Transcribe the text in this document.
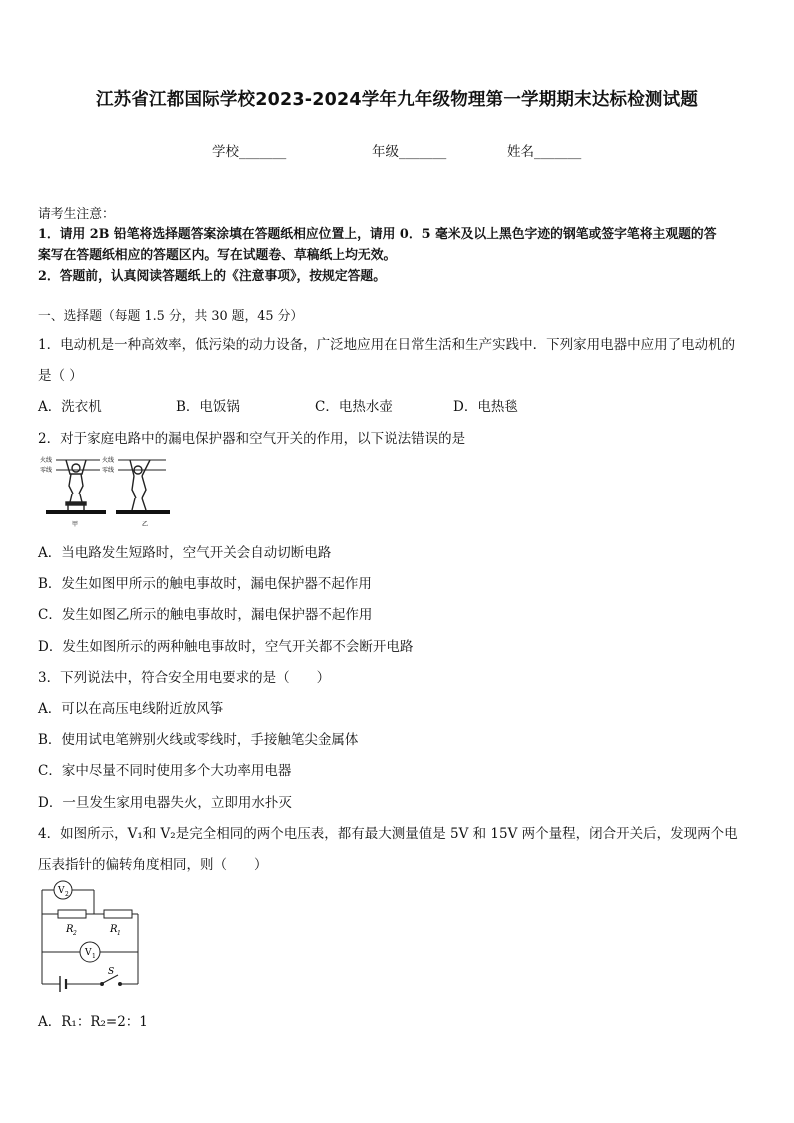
江苏省江都国际学校2023-2024学年九年级物理第一学期期末达标检测试题
学校_______	年级_______	姓名_______
请考生注意：
1．请用 2B 铅笔将选择题答案涂填在答题纸相应位置上，请用 0．5 毫米及以上黑色字迹的钢笔或签字笔将主观题的答
案写在答题纸相应的答题区内。写在试题卷、草稿纸上均无效。
2．答题前，认真阅读答题纸上的《注意事项》，按规定答题。
一、选择题（每题 1.5 分，共 30 题，45 分）
1．电动机是一种高效率，低污染的动力设备，广泛地应用在日常生活和生产实践中．下列家用电器中应用了电动机的
是（ ）
A．洗衣机	B．电饭锅	C．电热水壶	D．电热毯
2．对于家庭电路中的漏电保护器和空气开关的作用，以下说法错误的是
火线
零线
火线
零线
甲	乙
A．当电路发生短路时，空气开关会自动切断电路
B．发生如图甲所示的触电事故时，漏电保护器不起作用
C．发生如图乙所示的触电事故时，漏电保护器不起作用
D．发生如图所示的两种触电事故时，空气开关都不会断开电路
3．下列说法中，符合安全用电要求的是（　　）
A．可以在高压电线附近放风筝
B．使用试电笔辨别火线或零线时，手接触笔尖金属体
C．家中尽量不同时使用多个大功率用电器
D．一旦发生家用电器失火，立即用水扑灭
4．如图所示，V₁和 V₂是完全相同的两个电压表，都有最大测量值是 5V 和 15V 两个量程，闭合开关后，发现两个电
压表指针的偏转角度相同，则（　　）
V 2
V 1
R 2	R 1
S
A．R₁：R₂=2：1
